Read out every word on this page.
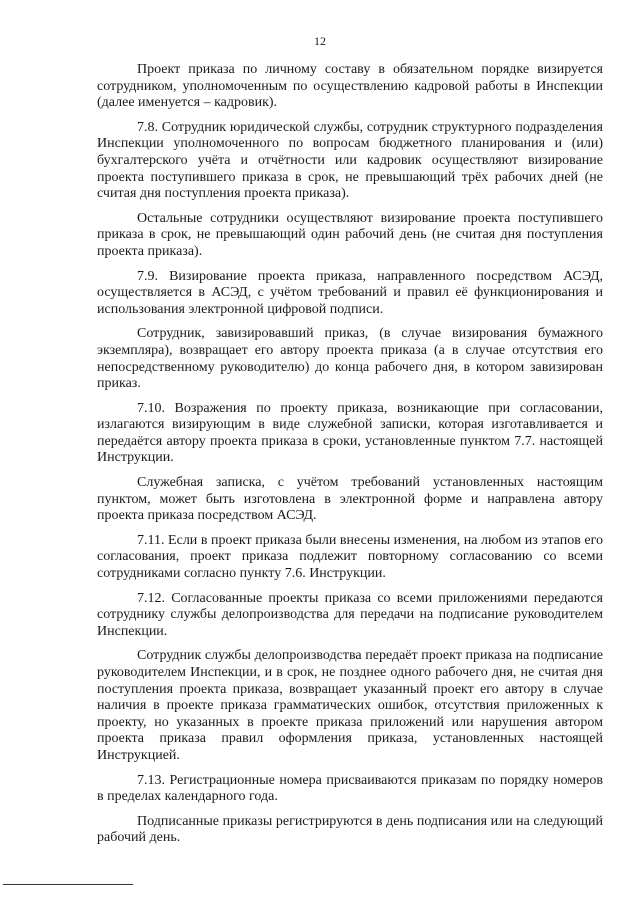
12

Проект приказа по личному составу в обязательном порядке визируется сотрудником, уполномоченным по осуществлению кадровой работы в Инспекции (далее именуется – кадровик).

7.8. Сотрудник юридической службы, сотрудник структурного подразделения Инспекции уполномоченного по вопросам бюджетного планирования и (или) бухгалтерского учёта и отчётности или кадровик осуществляют визирование проекта поступившего приказа в срок, не превышающий трёх рабочих дней (не считая дня поступления проекта приказа).

Остальные сотрудники осуществляют визирование проекта поступившего приказа в срок, не превышающий один рабочий день (не считая дня поступления проекта приказа).

7.9. Визирование проекта приказа, направленного посредством АСЭД, осуществляется в АСЭД, с учётом требований и правил её функционирования и использования электронной цифровой подписи.

Сотрудник, завизировавший приказ, (в случае визирования бумажного экземпляра), возвращает его автору проекта приказа (а в случае отсутствия его непосредственному руководителю) до конца рабочего дня, в котором завизирован приказ.

7.10. Возражения по проекту приказа, возникающие при согласовании, излагаются визирующим в виде служебной записки, которая изготавливается и передаётся автору проекта приказа в сроки, установленные пунктом 7.7. настоящей Инструкции.

Служебная записка, с учётом требований установленных настоящим пунктом, может быть изготовлена в электронной форме и направлена автору проекта приказа посредством АСЭД.

7.11. Если в проект приказа были внесены изменения, на любом из этапов его согласования, проект приказа подлежит повторному согласованию со всеми сотрудниками согласно пункту 7.6. Инструкции.

7.12. Согласованные проекты приказа со всеми приложениями передаются сотруднику службы делопроизводства для передачи на подписание руководителем Инспекции.

Сотрудник службы делопроизводства передаёт проект приказа на подписание руководителем Инспекции, и в срок, не позднее одного рабочего дня, не считая дня поступления проекта приказа, возвращает указанный проект его автору в случае наличия в проекте приказа грамматических ошибок, отсутствия приложенных к проекту, но указанных в проекте приказа приложений или нарушения автором проекта приказа правил оформления приказа, установленных настоящей Инструкцией.

7.13. Регистрационные номера присваиваются приказам по порядку номеров в пределах календарного года.

Подписанные приказы регистрируются в день подписания или на следующий рабочий день.
